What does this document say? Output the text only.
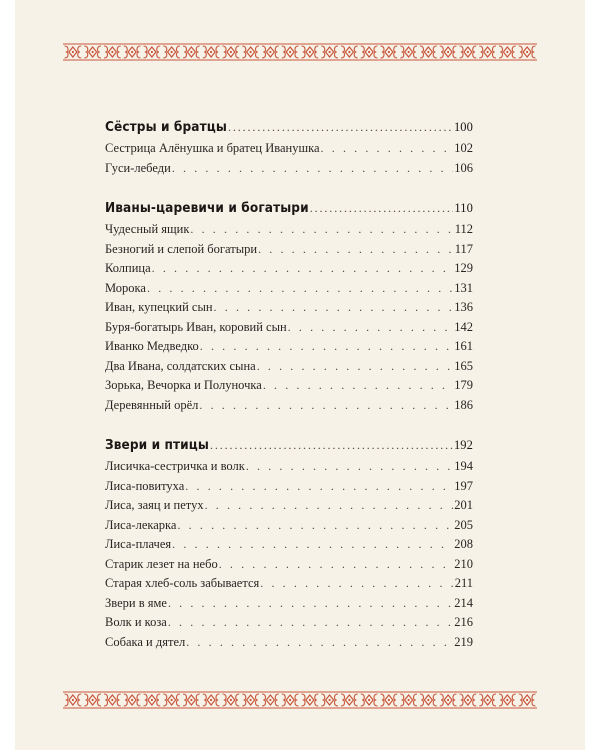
Сёстры и братцы .....	100
Сестрица Алёнушка и братец Иванушка . . .	102
Гуси-лебеди . . .	106
Иваны-царевичи и богатыри .....	110
Чудесный ящик . . .	112
Безногий и слепой богатыри . . .	117
Колпица . . .	129
Морока . . .	131
Иван, купецкий сын . . .	136
Буря-богатырь Иван, коровий сын . . .	142
Иванко Медведко . . .	161
Два Ивана, солдатских сына . . .	165
Зорька, Вечорка и Полуночка . . .	179
Деревянный орёл . . .	186
Звери и птицы .....	192
Лисичка-сестричка и волк . . .	194
Лиса-повитуха . . .	197
Лиса, заяц и петух . . .	201
Лиса-лекарка . . .	205
Лиса-плачея . . .	208
Старик лезет на небо . . .	210
Старая хлеб-соль забывается . . .	211
Звери в яме . . .	214
Волк и коза . . .	216
Собака и дятел . . .	219
